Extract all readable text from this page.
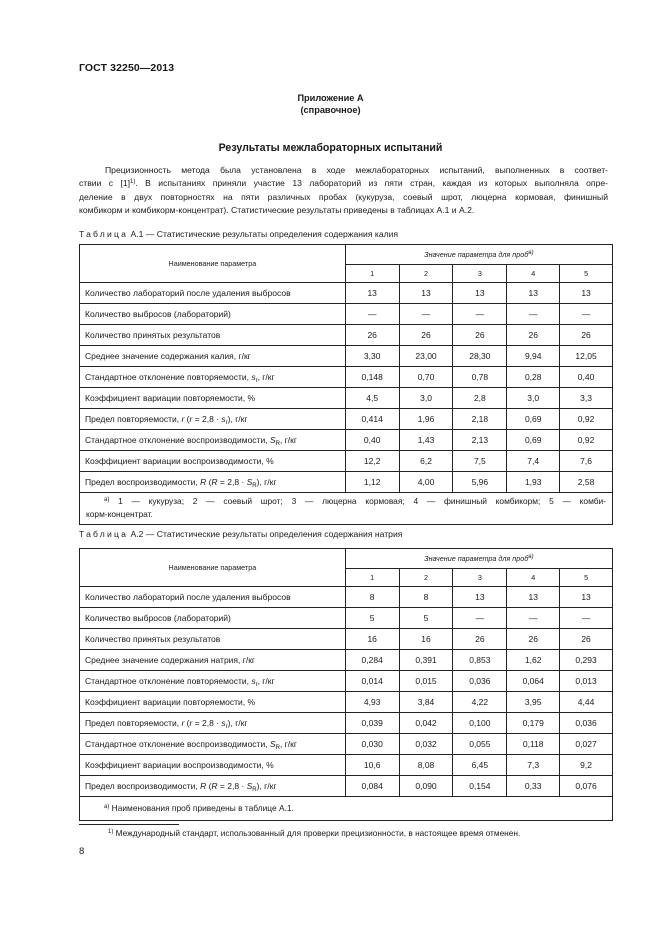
ГОСТ 32250—2013
Приложение А
(справочное)
Результаты межлабораторных испытаний
Прецизионность метода была установлена в ходе межлабораторных испытаний, выполненных в соответ-
ствии с $[1]^{1)}$. В испытаниях приняли участие 13 лабораторий из пяти стран, каждая из которых выполняла опре-
деление в двух повторностях на пяти различных пробах (кукуруза, соевый шрот, люцерна кормовая, финишный
комбикорм и комбикорм-концентрат). Статистические результаты приведены в таблицах А.1 и А.2.
Таблица А.1 — Статистические результаты определения содержания калия
Наименование параметра	Значение параметра для проб$^{а)}$
	1	2	3	4	5
Количество лабораторий после удаления выбросов	13	13	13	13	13
Количество выбросов (лабораторий)	—	—	—	—	—
Количество принятых результатов	26	26	26	26	26
Среднее значение содержания калия, г/кг	3,30	23,00	28,30	9,94	12,05
Стандартное отклонение повторяемости, $s_r$, г/кг	0,148	0,70	0,78	0,28	0,40
Коэффициент вариации повторяемости, %	4,5	3,0	2,8	3,0	3,3
Предел повторяемости, r $(r = 2,8 \cdot s_r)$, г/кг	0,414	1,96	2,18	0,69	0,92
Стандартное отклонение воспроизводимости, $S_R$, г/кг	0,40	1,43	2,13	0,69	0,92
Коэффициент вариации воспроизводимости, %	12,2	6,2	7,5	7,4	7,6
Предел воспроизводимости, R $(R = 2,8 \cdot S_R)$, г/кг	1,12	4,00	5,96	1,93	2,58

$^{а)}$ 1 — кукуруза; 2 — соевый шрот; 3 — люцерна кормовая; 4 — финишный комбикорм; 5 — комби-
корм-концентрат.					
Таблица А.2 — Статистические результаты определения содержания натрия
Наименование параметра	Значение параметра для проб$^{а)}$
	1	2	3	4	5
Количество лабораторий после удаления выбросов	8	8	13	13	13
Количество выбросов (лабораторий)	5	5	—	—	—
Количество принятых результатов	16	16	26	26	26
Среднее значение содержания натрия, г/кг	0,284	0,391	0,853	1,62	0,293
Стандартное отклонение повторяемости, $s_r$, г/кг	0,014	0,015	0,036	0,064	0,013
Коэффициент вариации повторяемости, %	4,93	3,84	4,22	3,95	4,44
Предел повторяемости, r $(r = 2,8 \cdot s_r)$, г/кг	0,039	0,042	0,100	0,179	0,036
Стандартное отклонение воспроизводимости, $S_R$, г/кг	0,030	0,032	0,055	0,118	0,027
Коэффициент вариации воспроизводимости, %	10,6	8,08	6,45	7,3	9,2
Предел воспроизводимости, R $(R = 2,8 \cdot S_R)$, г/кг	0,084	0,090	0,154	0,33	0,076
$^{а)}$ Наименования проб приведены в таблице А.1.					
$^{1)}$ Международный стандарт, использованный для проверки прецизионности, в настоящее время отменен.
8
